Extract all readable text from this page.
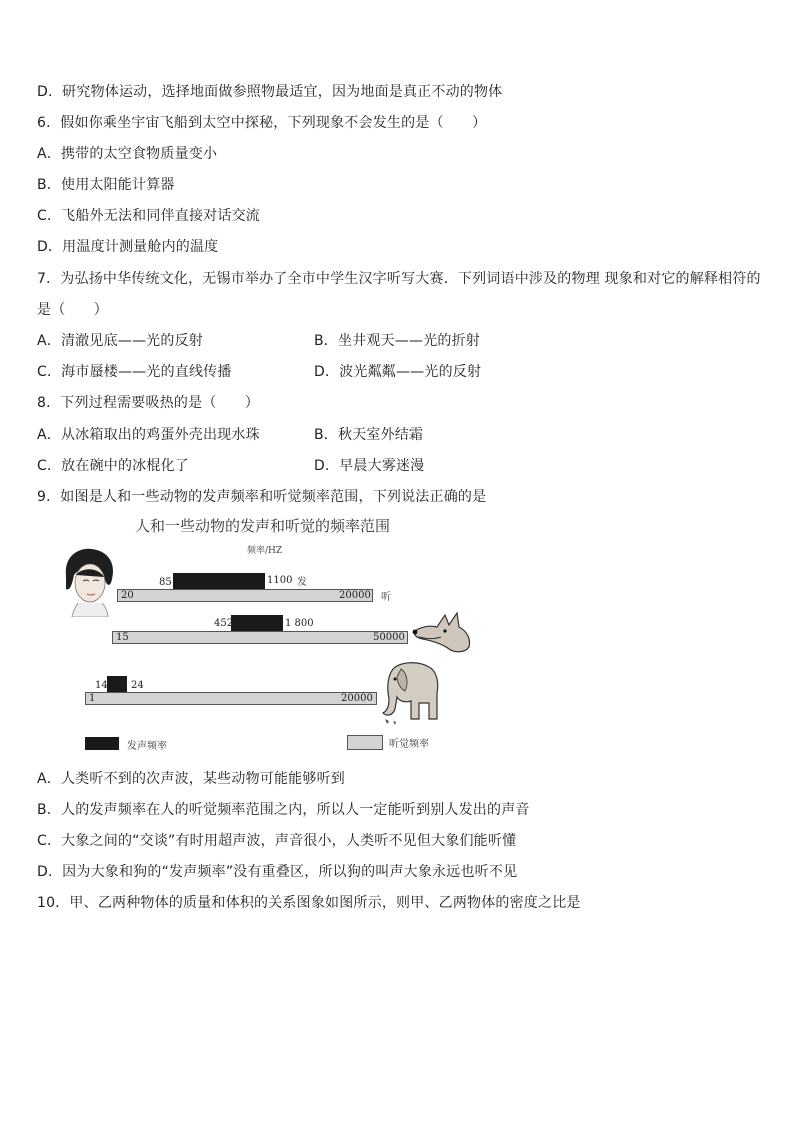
D．研究物体运动，选择地面做参照物最适宜，因为地面是真正不动的物体
6．假如你乘坐宇宙飞船到太空中探秘，下列现象不会发生的是（　　）
A．携带的太空食物质量变小
B．使用太阳能计算器
C．飞船外无法和同伴直接对话交流
D．用温度计测量舱内的温度
7．为弘扬中华传统文化，无锡市举办了全市中学生汉字听写大赛．下列词语中涉及的物理 现象和对它的解释相符的
是（　　）
A．清澈见底——光的反射	B．坐井观天——光的折射
C．海市蜃楼——光的直线传播	D．波光粼粼——光的反射
8．下列过程需要吸热的是（　　）
A．从冰箱取出的鸡蛋外壳出现水珠	B．秋天室外结霜
C．放在碗中的冰棍化了	D．早晨大雾迷漫
9．如图是人和一些动物的发声频率和听觉频率范围，下列说法正确的是
人和一些动物的发声和听觉的频率范围
频率/HZ
85	1100 发
20	20000 听
452	1 800
15	50000
14 24
1	20000
发声频率	听觉频率
A．人类听不到的次声波，某些动物可能能够听到
B．人的发声频率在人的听觉频率范围之内，所以人一定能听到别人发出的声音
C．大象之间的“交谈”有时用超声波，声音很小，人类听不见但大象们能听懂
D．因为大象和狗的“发声频率”没有重叠区，所以狗的叫声大象永远也听不见
10．甲、乙两种物体的质量和体积的关系图象如图所示，则甲、乙两物体的密度之比是
